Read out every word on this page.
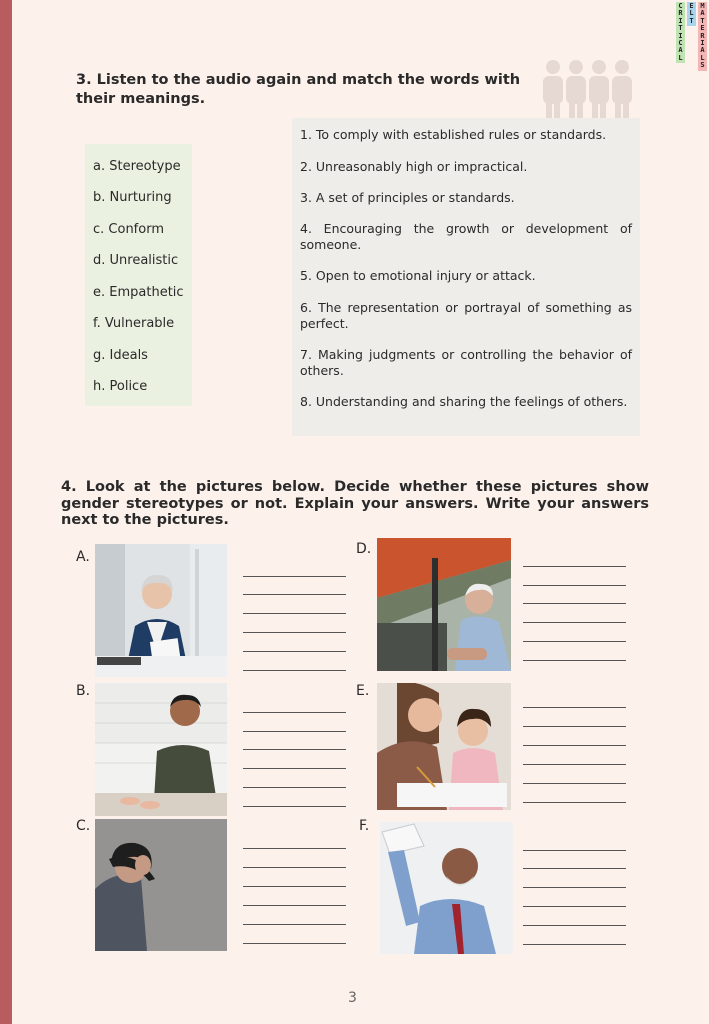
C
R
I
T
I
C
A
L
E
L
T
M
A
T
E
R
I
A
L
S
3. Listen to the audio again and match the words with their meanings.
a. Stereotype
b. Nurturing
c. Conform
d. Unrealistic
e. Empathetic
f. Vulnerable
g. Ideals
h. Police
1. To comply with established rules or standards.
2. Unreasonably high or impractical.
3. A set of principles or standards.
4. Encouraging the growth or development of someone.
5. Open to emotional injury or attack.
6. The representation or portrayal of something as perfect.
7. Making judgments or controlling the behavior of others.
8. Understanding and sharing the feelings of others.
4. Look at the pictures below. Decide whether these pictures show gender stereotypes or not. Explain your answers. Write your answers next to the pictures.
A.	D.
B.	E.
C.	F.
3
